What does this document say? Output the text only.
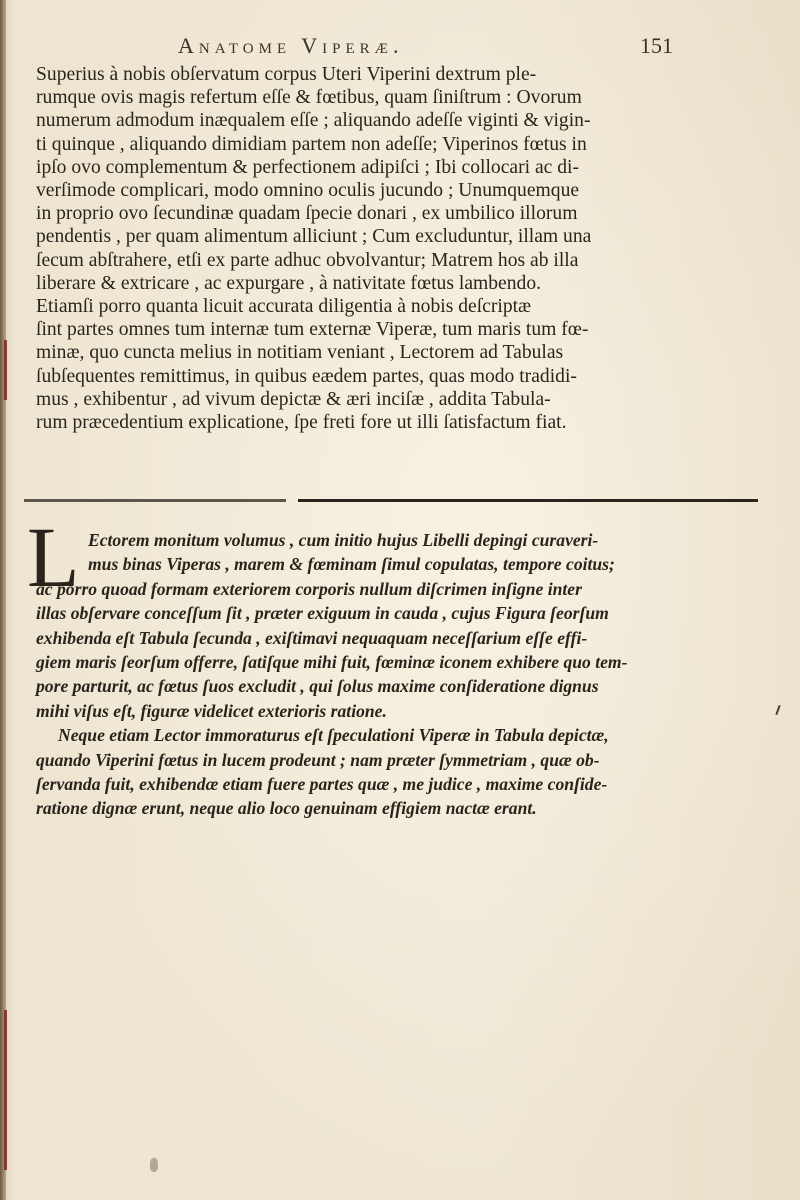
Anatome Viperæ.	151
Superius à nobis obſervatum corpus Uteri Viperini dextrum ple-
rumque ovis magis refertum eſſe & fœtibus, quam ſiniſtrum : Ovorum
numerum admodum inæqualem eſſe ; aliquando adeſſe viginti & vigin-
ti quinque , aliquando dimidiam partem non adeſſe; Viperinos fœtus in
ipſo ovo complementum & perfectionem adipiſci ; Ibi collocari ac di-
verſimode complicari, modo omnino oculis jucundo ; Unumquemque
in proprio ovo ſecundinæ quadam ſpecie donari , ex umbilico illorum
pendentis , per quam alimentum alliciunt ; Cum excluduntur, illam una
ſecum abſtrahere, etſi ex parte adhuc obvolvantur; Matrem hos ab illa
liberare & extricare , ac expurgare , à nativitate fœtus lambendo.
Etiamſi porro quanta licuit accurata diligentia à nobis deſcriptæ
ſint partes omnes tum internæ tum externæ Viperæ, tum maris tum fœ-
minæ, quo cuncta melius in notitiam veniant , Lectorem ad Tabulas
ſubſequentes remittimus, in quibus eædem partes, quas modo tradidi-
mus , exhibentur , ad vivum depictæ & æri inciſæ , addita Tabula-
rum præcedentium explicatione, ſpe freti fore ut illi ſatisfactum fiat.
L Ectorem monitum volumus , cum initio hujus Libelli depingi curaveri-
mus binas Viperas , marem & fœminam ſimul copulatas, tempore coitus;
ac porro quoad formam exteriorem corporis nullum diſcrimen inſigne inter
illas obſervare conceſſum ſit , præter exiguum in cauda , cujus Figura ſeorſum
exhibenda eſt Tabula ſecunda , exiſtimavi nequaquam neceſſarium eſſe effi-
giem maris ſeorſum offerre, ſatiſque mihi fuit, fœminæ iconem exhibere quo tem-
pore parturit, ac fœtus ſuos excludit , qui ſolus maxime conſideratione dignus
mihi viſus eſt, figuræ videlicet exterioris ratione.
Neque etiam Lector immoraturus eſt ſpeculationi Viperæ in Tabula depictæ,
quando Viperini fœtus in lucem prodeunt ; nam præter ſymmetriam , quæ ob-
ſervanda fuit, exhibendæ etiam fuere partes quæ , me judice , maxime conſide-
ratione dignæ erunt, neque alio loco genuinam effigiem nactæ erant.
